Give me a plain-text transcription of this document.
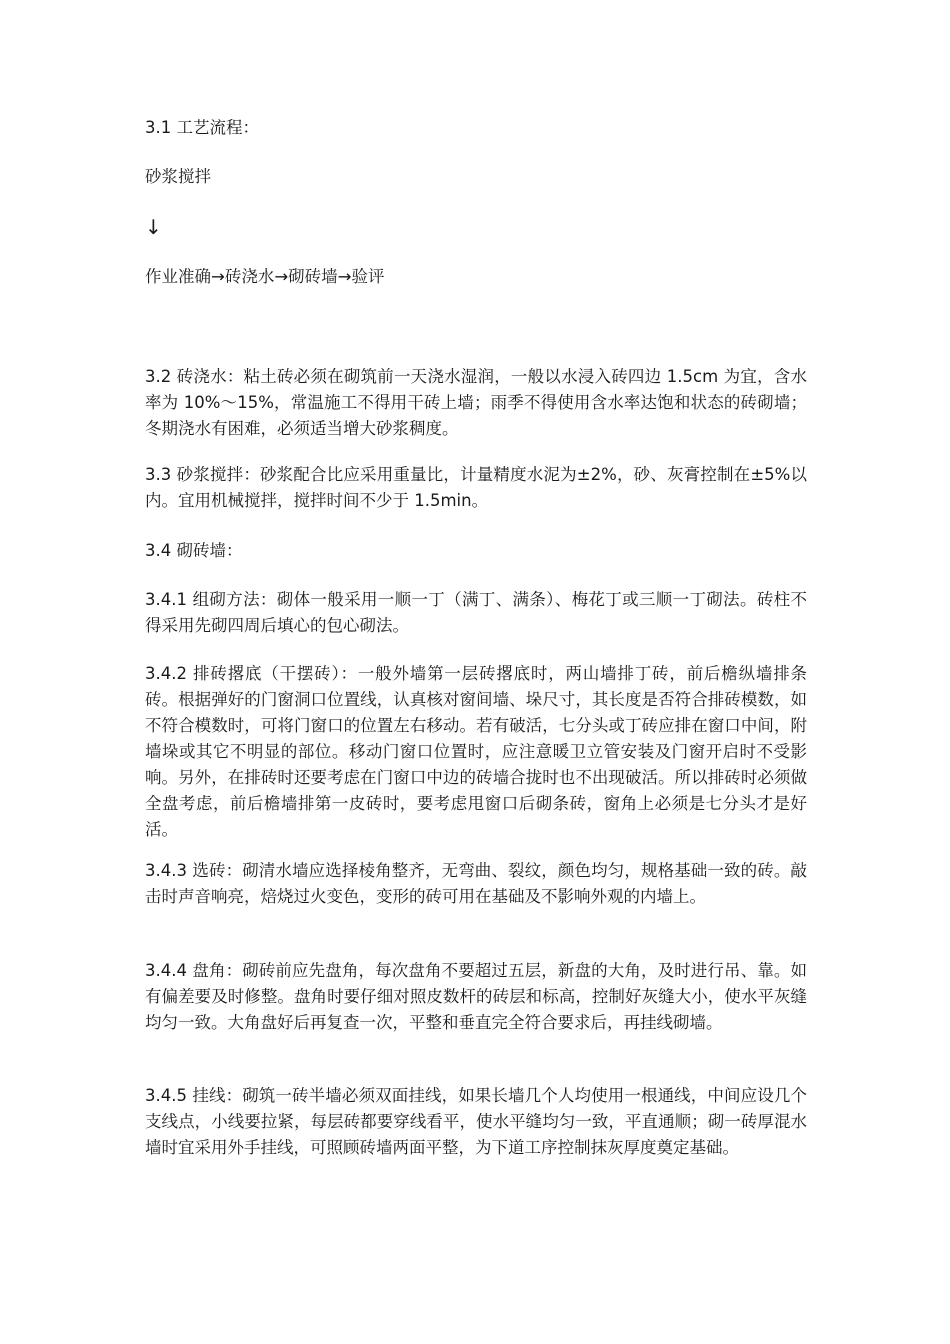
3.1 工艺流程：

砂浆搅拌

↓

作业准确→砖浇水→砌砖墙→验评

3.2 砖浇水：粘土砖必须在砌筑前一天浇水湿润，一般以水浸入砖四边 1.5cm 为宜，含水率为 10%～15%，常温施工不得用干砖上墙；雨季不得使用含水率达饱和状态的砖砌墙；冬期浇水有困难，必须适当增大砂浆稠度。

3.3 砂浆搅拌：砂浆配合比应采用重量比，计量精度水泥为±2%，砂、灰膏控制在±5%以内。宜用机械搅拌，搅拌时间不少于 1.5min。

3.4 砌砖墙：

3.4.1 组砌方法：砌体一般采用一顺一丁（满丁、满条）、梅花丁或三顺一丁砌法。砖柱不得采用先砌四周后填心的包心砌法。

3.4.2 排砖撂底（干摆砖）：一般外墙第一层砖撂底时，两山墙排丁砖，前后檐纵墙排条砖。根据弹好的门窗洞口位置线，认真核对窗间墙、垛尺寸，其长度是否符合排砖模数，如不符合模数时，可将门窗口的位置左右移动。若有破活，七分头或丁砖应排在窗口中间，附墙垛或其它不明显的部位。移动门窗口位置时，应注意暖卫立管安装及门窗开启时不受影响。另外，在排砖时还要考虑在门窗口中边的砖墙合拢时也不出现破活。所以排砖时必须做全盘考虑，前后檐墙排第一皮砖时，要考虑甩窗口后砌条砖，窗角上必须是七分头才是好活。

3.4.3 选砖：砌清水墙应选择棱角整齐，无弯曲、裂纹，颜色均匀，规格基础一致的砖。敲击时声音响亮，焙烧过火变色，变形的砖可用在基础及不影响外观的内墙上。

3.4.4 盘角：砌砖前应先盘角，每次盘角不要超过五层，新盘的大角，及时进行吊、靠。如有偏差要及时修整。盘角时要仔细对照皮数杆的砖层和标高，控制好灰缝大小，使水平灰缝均匀一致。大角盘好后再复查一次，平整和垂直完全符合要求后，再挂线砌墙。

3.4.5 挂线：砌筑一砖半墙必须双面挂线，如果长墙几个人均使用一根通线，中间应设几个支线点，小线要拉紧，每层砖都要穿线看平，使水平缝均匀一致，平直通顺；砌一砖厚混水墙时宜采用外手挂线，可照顾砖墙两面平整，为下道工序控制抹灰厚度奠定基础。
